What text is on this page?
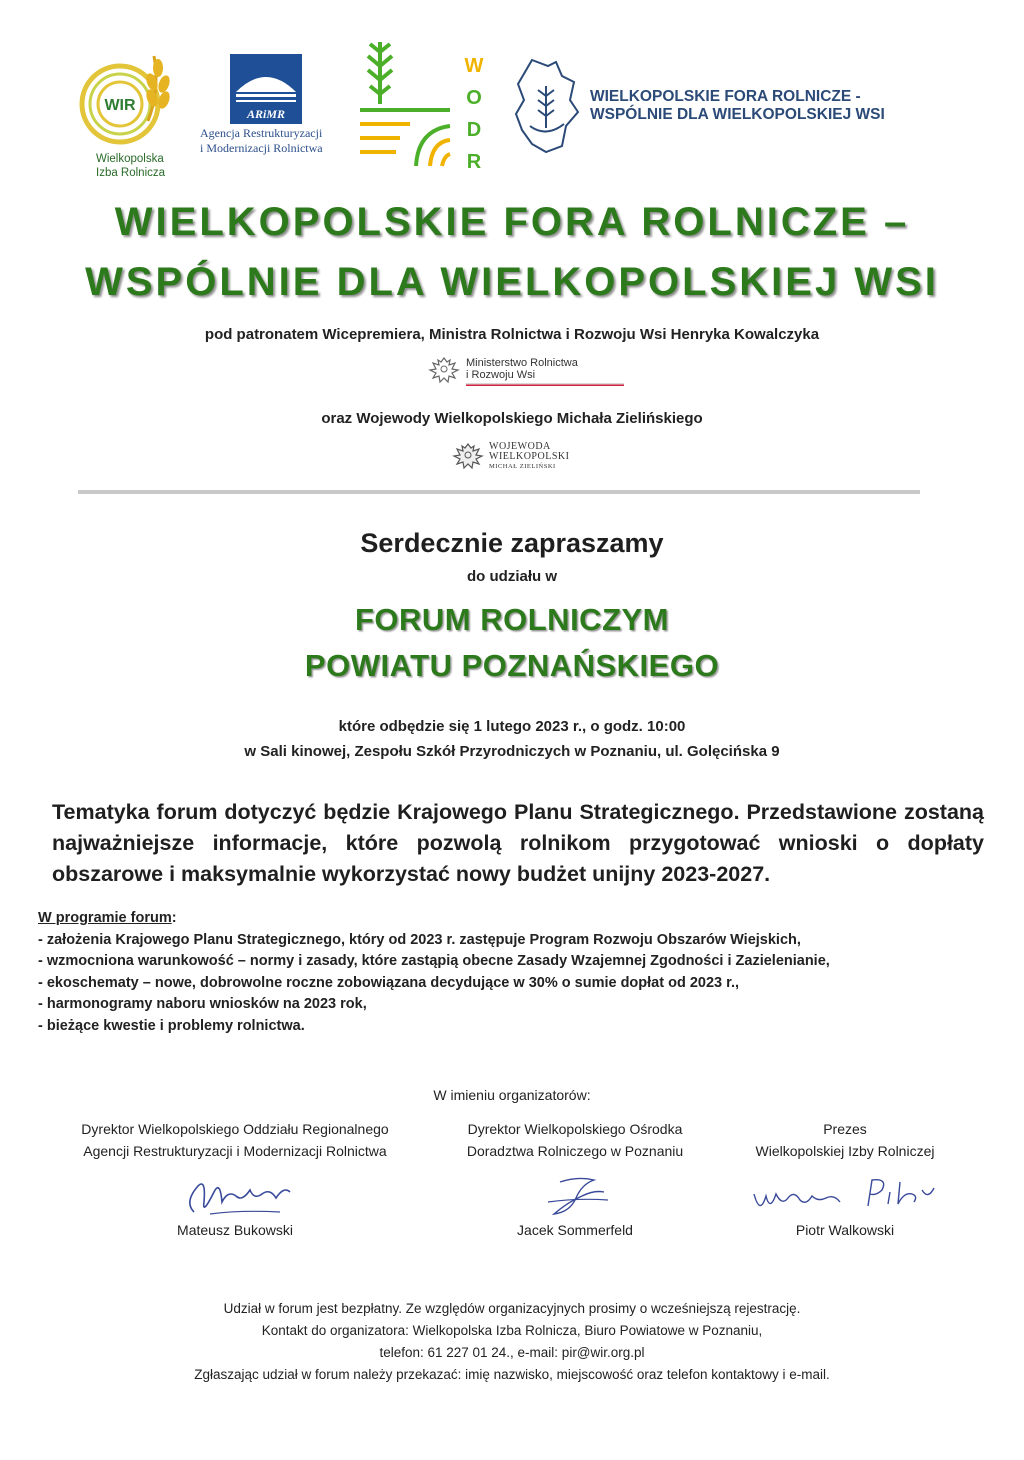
WIR
Wielkopolska
Izba Rolnicza
ARiMR
Agencja Restrukturyzacji
i Modernizacji Rolnictwa
W
O
D
R
WIELKOPOLSKIE FORA ROLNICZE -
WSPÓLNIE DLA WIELKOPOLSKIEJ WSI
WIELKOPOLSKIE FORA ROLNICZE –
WSPÓLNIE DLA WIELKOPOLSKIEJ WSI
pod patronatem Wicepremiera, Ministra Rolnictwa i Rozwoju Wsi Henryka Kowalczyka
Ministerstwo Rolnictwa
i Rozwoju Wsi
oraz Wojewody Wielkopolskiego Michała Zielińskiego
WOJEWODA
WIELKOPOLSKI
MICHAŁ ZIELIŃSKI
Serdecznie zapraszamy
do udziału w
FORUM ROLNICZYM
POWIATU POZNAŃSKIEGO
które odbędzie się 1 lutego 2023 r., o godz. 10:00
w Sali kinowej, Zespołu Szkół Przyrodniczych w Poznaniu, ul. Golęcińska 9
Tematyka forum dotyczyć będzie Krajowego Planu Strategicznego. Przedstawione zostaną najważniejsze informacje, które pozwolą rolnikom przygotować wnioski o dopłaty obszarowe i maksymalnie wykorzystać nowy budżet unijny 2023-2027.
W programie forum:
- założenia Krajowego Planu Strategicznego, który od 2023 r. zastępuje Program Rozwoju Obszarów Wiejskich,
- wzmocniona warunkowość – normy i zasady, które zastąpią obecne Zasady Wzajemnej Zgodności i Zazielenianie,
- ekoschematy – nowe, dobrowolne roczne zobowiązana decydujące w 30% o sumie dopłat od 2023 r.,
- harmonogramy naboru wniosków na 2023 rok,
- bieżące kwestie i problemy rolnictwa.
W imieniu organizatorów:
Dyrektor Wielkopolskiego Oddziału Regionalnego
Agencji Restrukturyzacji i Modernizacji Rolnictwa
Dyrektor Wielkopolskiego Ośrodka
Doradztwa Rolniczego w Poznaniu
Prezes
Wielkopolskiej Izby Rolniczej
Mateusz Bukowski	Jacek Sommerfeld	Piotr Walkowski
Udział w forum jest bezpłatny. Ze względów organizacyjnych prosimy o wcześniejszą rejestrację.
Kontakt do organizatora: Wielkopolska Izba Rolnicza, Biuro Powiatowe w Poznaniu,
telefon: 61 227 01 24., e-mail: pir@wir.org.pl
Zgłaszając udział w forum należy przekazać: imię nazwisko, miejscowość oraz telefon kontaktowy i e-mail.
